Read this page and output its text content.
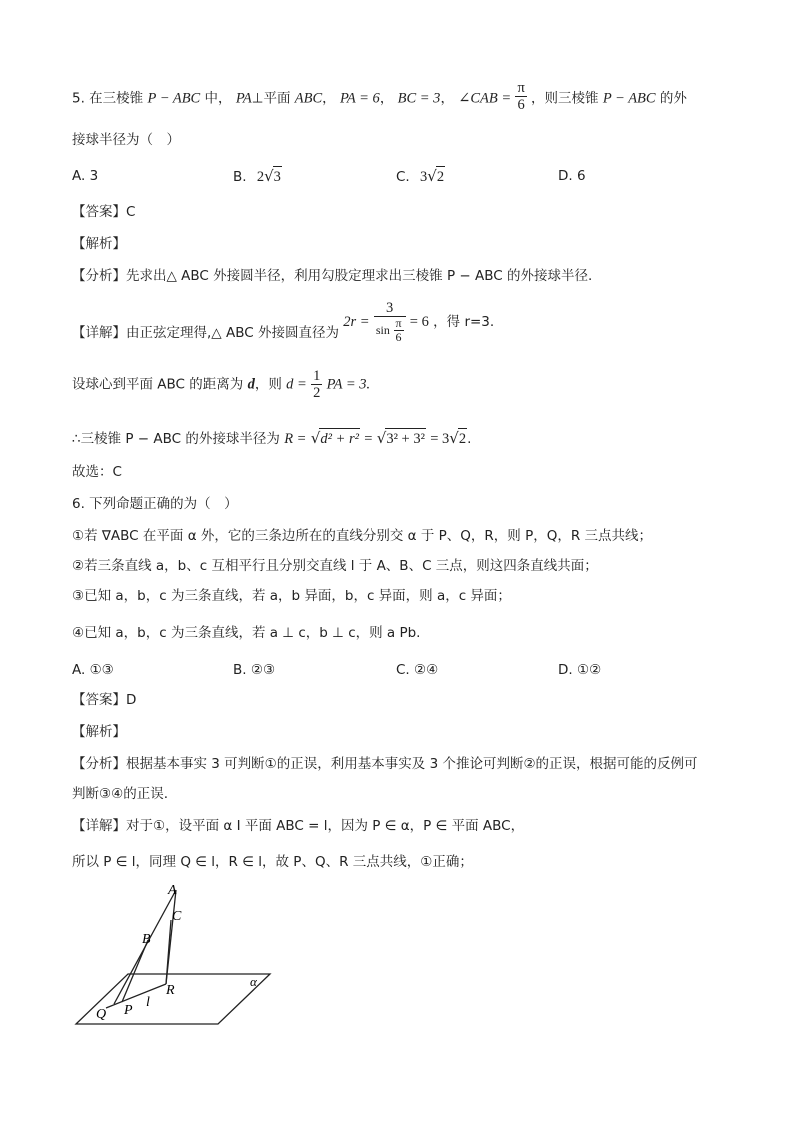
5. 在三棱锥 P − ABC 中， PA⊥平面 ABC， PA = 6， BC = 3， ∠CAB = $\frac{\pi}{6}$ ，则三棱锥 P − ABC 的外
接球半径为（　）
A. 3	B. 2√3	C. 3√2	D. 6
【答案】C
【解析】
【分析】先求出△ ABC 外接圆半径，利用勾股定理求出三棱锥 P − ABC 的外接球半径.
【详解】由正弦定理得,△ ABC 外接圆直径为 $2r = \frac{3}{\sin \frac{\pi}{6}} = 6$ ，得 r=3.
设球心到平面 ABC 的距离为 d，则 $d = \frac{1}{2}$ PA = 3.
∴三棱锥 P − ABC 的外接球半径为 R = √d² + r² = √3² + 3² = 3√2.
故选：C
6. 下列命题正确的为（　）
①若 ∇ABC 在平面 α 外，它的三条边所在的直线分别交 α 于 P、Q，R，则 P，Q，R 三点共线；
②若三条直线 a，b、c 互相平行且分别交直线 l 于 A、B、C 三点，则这四条直线共面；
③已知 a，b，c 为三条直线，若 a，b 异面，b，c 异面，则 a，c 异面；
④已知 a，b，c 为三条直线，若 a ⊥ c，b ⊥ c，则 a Pb.
A. ①③	B. ②③	C. ②④	D. ①②
【答案】D
【解析】
【分析】根据基本事实 3 可判断①的正误，利用基本事实及 3 个推论可判断②的正误，根据可能的反例可
判断③④的正误.
【详解】对于①，设平面 α I 平面 ABC = l，因为 P ∈ α，P ∈ 平面 ABC，
所以 P ∈ l，同理 Q ∈ l，R ∈ l，故 P、Q、R 三点共线，①正确；
A
C
B
R
Q P
l
α
